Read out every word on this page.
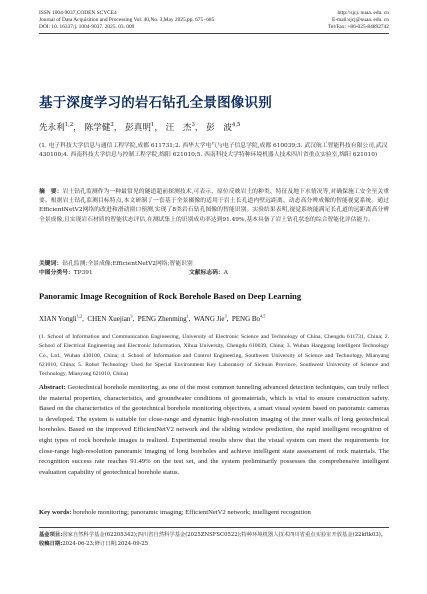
ISSN 1004-9037,CODEN SCYCE4
Journal of Data Acquisition and Processing Vol. 40,No. 3,May 2025,pp. 675−685
DOI: 10. 16337/j. 1004-9037. 2025. 03. 009
http://sjcj. nuaa. edu. cn
E-mail:sjcj@nuaa. edu. cn
Tel/Fax: +86-025-84892742
基于深度学习的岩石钻孔全景图像识别
先永利$^{1,2}$， 陈学健$^3$， 彭真明$^1$， 汪　杰$^3$， 彭　波$^{4,5}$
(1. 电子科技大学信息与通信工程学院,成都 611731;2. 西华大学电气与电子信息学院,成都 610039;3. 武汉航工智能科技有限公司,武汉 430100;4. 西南科技大学信息与控制工程学院,绵阳 621010;5. 西南科技大学特种环境机器人技术四川省重点实验室,绵阳 621010)
摘　要：岩土钻孔监测作为一种最常见的隧道超前探测技术,可表示、原位反映岩土的种类、特征及地下水情况等,对确保施工安全至关重要。根据岩土钻孔监测目标特点,本文研制了一套基于全景摄像的适用于岩土长孔道内壁远距离、动态高分辨成像的智能视觉系统。通过EfficientNetV2网络的改进和滑动窗口预测,实现了8类岩石钻孔图像的智能识别。实验结果表明,视觉系统能满足长孔道的远距离高分辨全景成像,且实现岩石材质的智能状态评估,在测试集上的识别成功率达到91.49%,基本具备了岩土钻孔状态的综合智能化评估能力。
关键词：钻孔监测;全景成像;EfficientNetV2网络;智能识别
中图分类号：TP391	文献标志码：A
Panoramic Image Recognition of Rock Borehole Based on Deep Learning
XIAN Yongli$^{1,2}$,  CHEN Xuejian$^3$,  PENG Zhenming$^1$,  WANG Jie$^3$,  PENG Bo$^{4,5}$
(1. School of Information and Communication Engineering, University of Electronic Science and Technology of China, Chengdu 611731, China; 2. School of Electrical Engineering and Electronic Information, Xihua University, Chengdu 610039, China; 3. Wuhan Hanggong Intelligent Technology Co., Ltd., Wuhan 430100, China; 4. School of Information and Control Engineering, Southwest University of Science and Technology, Mianyang 621010, China; 5. Robot Technology Used for Special Environment Key Laboratory of Sichuan Province, Southwest University of Science and Technology, Mianyang 621010, China)
Abstract: Geotechnical borehole monitoring, as one of the most common tunneling advanced detection techniques, can truly reflect the material properties, characteristics, and groundwater conditions of geomaterials, which is vital to ensure construction safety. Based on the characteristics of the geotechnical borehole monitoring objectives, a smart visual system based on panoramic cameras is developed. The system is suitable for close-range and dynamic high-resolution imaging of the inner walls of long geotechnical boreholes. Based on the improved EfficientNetV2 network and the sliding window prediction, the rapid intelligent recognition of eight types of rock borehole images is realized. Experimental results show that the visual system can meet the requirements for close-range high-resolution panoramic imaging of long boreholes and achieve intelligent state assessment of rock materials. The recognition success rate reaches 91.49% on the test set, and the system preliminarily possesses the comprehensive intelligent evaluation capability of geotechnical borehole status.
Key words: borehole monitoring; panoramic imaging; EfficientNetV2 network; intelligent recognition
基金项目:国家自然科学基金(62205342);四川省自然科学基金(2025ZNSFSC0522);特种环境机器人技术四川省重点实验室开放基金(22kftk03)。
收稿日期:2024-06-23;修订日期:2024-09-25
